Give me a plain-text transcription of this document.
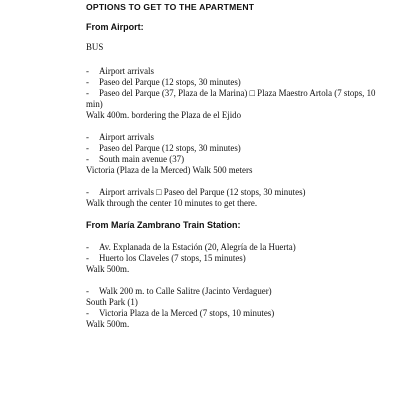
OPTIONS TO GET TO THE APARTMENT
From Airport:
BUS
- Airport arrivals
- Paseo del Parque (12 stops, 30 minutes)
- Paseo del Parque (37, Plaza de la Marina) □ Plaza Maestro Artola (7 stops, 10 min)
Walk 400m. bordering the Plaza de el Ejido
- Airport arrivals
- Paseo del Parque (12 stops, 30 minutes)
- South main avenue (37)
Victoria (Plaza de la Merced) Walk 500 meters
- Airport arrivals □ Paseo del Parque (12 stops, 30 minutes)
Walk through the center 10 minutes to get there.
From María Zambrano Train Station:
- Av. Explanada de la Estación (20, Alegría de la Huerta)
- Huerto los Claveles (7 stops, 15 minutes)
Walk 500m.
- Walk 200 m. to Calle Salitre (Jacinto Verdaguer)
South Park (1)
- Victoria Plaza de la Merced (7 stops, 10 minutes)
Walk 500m.
